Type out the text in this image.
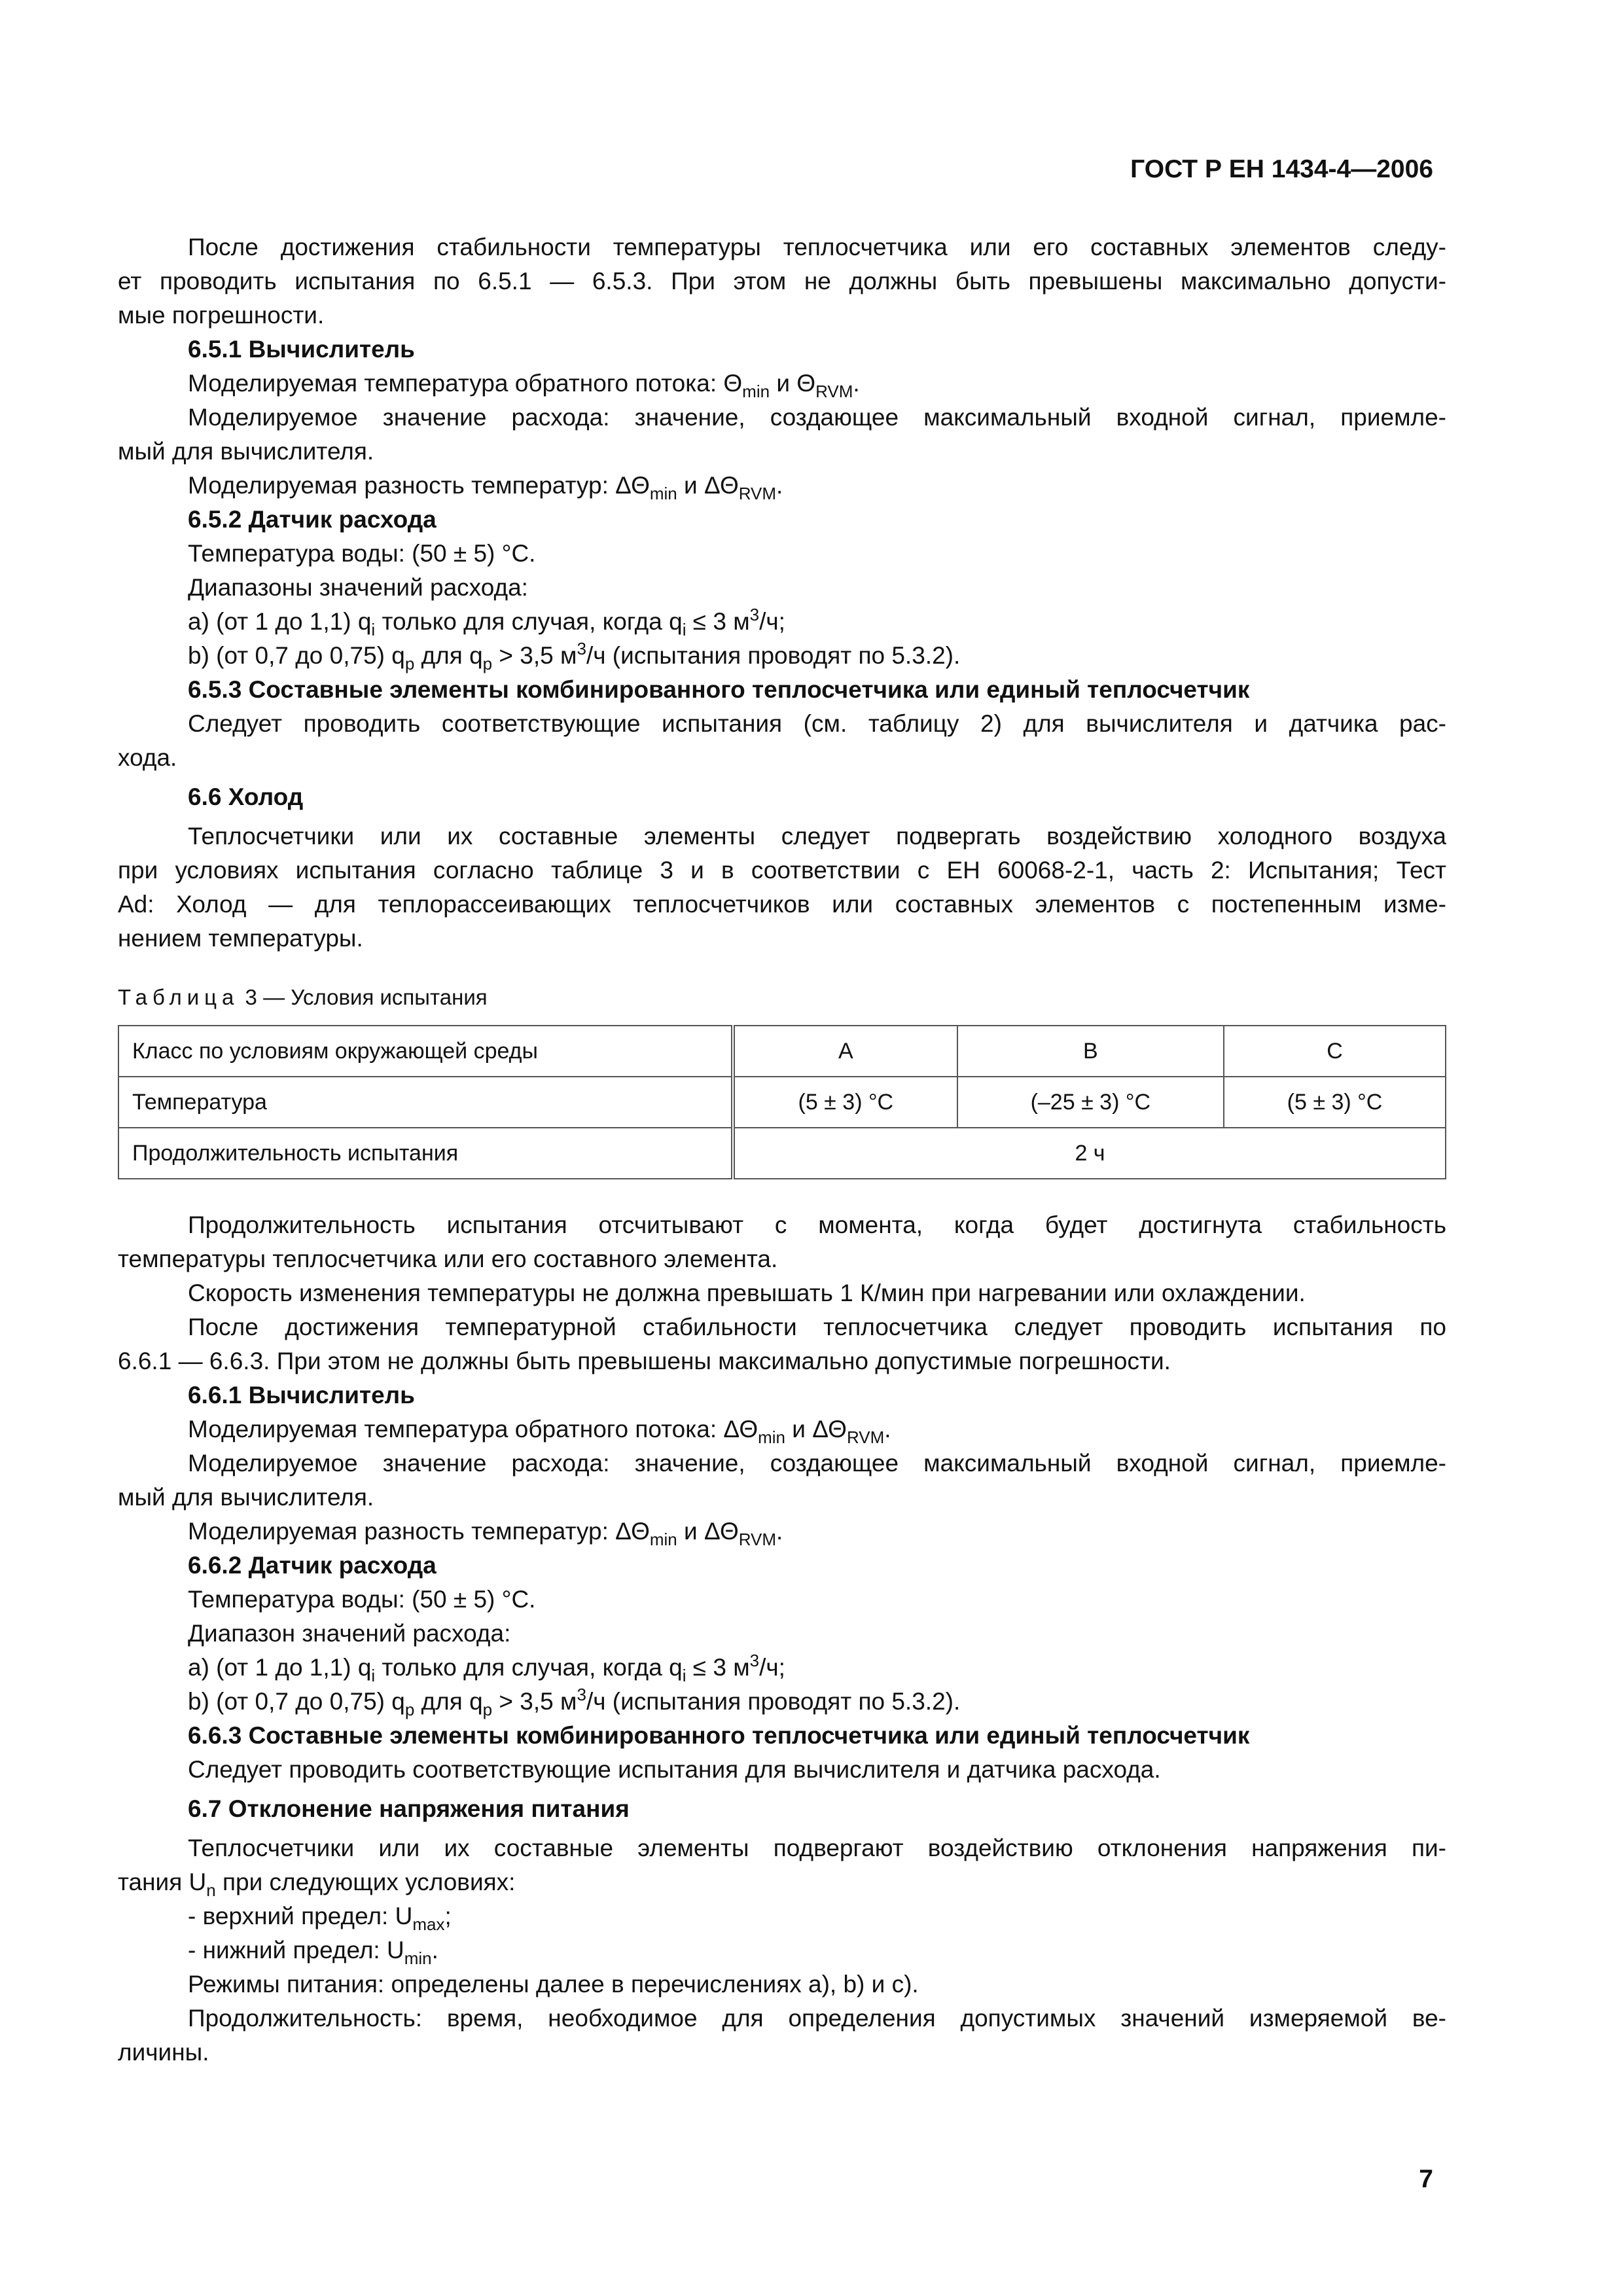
ГОСТ Р ЕН 1434-4—2006

После достижения стабильности температуры теплосчетчика или его составных элементов следу-

ет проводить испытания по 6.5.1 — 6.5.3. При этом не должны быть превышены максимально допусти-

мые погрешности.

6.5.1 Вычислитель

Моделируемая температура обратного потока: $\Theta_{min}$ и $\Theta_{RVM}$.

Моделируемое значение расхода: значение, создающее максимальный входной сигнал, приемле-

мый для вычислителя.

Моделируемая разность температур: $\Delta\Theta_{min}$ и $\Delta\Theta_{RVM}$.

6.5.2 Датчик расхода

Температура воды: (50 ± 5) °С.

Диапазоны значений расхода:

a) (от 1 до 1,1) $q_i$ только для случая, когда $q_i \le 3$ $м^3/ч$;

b) (от 0,7 до 0,75) $q_p$ для $q_p > 3,5$ $м^3/ч$ (испытания проводят по 5.3.2).

6.5.3 Составные элементы комбинированного теплосчетчика или единый теплосчетчик

Следует проводить соответствующие испытания (см. таблицу 2) для вычислителя и датчика рас-

хода.

6.6 Холод

Теплосчетчики или их составные элементы следует подвергать воздействию холодного воздуха

при условиях испытания согласно таблице 3 и в соответствии с ЕН 60068-2-1, часть 2: Испытания; Тест

Ad: Холод — для теплорассеивающих теплосчетчиков или составных элементов с постепенным изме-

нением температуры.

Таблица 3 — Условия испытания
Класс по условиям окружающей среды	A	B	C
Температура	(5 ± 3) °С	(–25 ± 3) °С	(5 ± 3) °С
Продолжительность испытания	2 ч		

Продолжительность испытания отсчитывают с момента, когда будет достигнута стабильность

температуры теплосчетчика или его составного элемента.

Скорость изменения температуры не должна превышать 1 К/мин при нагревании или охлаждении.

После достижения температурной стабильности теплосчетчика следует проводить испытания по

6.6.1 — 6.6.3. При этом не должны быть превышены максимально допустимые погрешности.

6.6.1 Вычислитель

Моделируемая температура обратного потока: $\Delta\Theta_{min}$ и $\Delta\Theta_{RVM}$.

Моделируемое значение расхода: значение, создающее максимальный входной сигнал, приемле-

мый для вычислителя.

Моделируемая разность температур: $\Delta\Theta_{min}$ и $\Delta\Theta_{RVM}$.

6.6.2 Датчик расхода

Температура воды: (50 ± 5) °С.

Диапазон значений расхода:

a) (от 1 до 1,1) $q_i$ только для случая, когда $q_i \le 3$ $м^3/ч$;

b) (от 0,7 до 0,75) $q_p$ для $q_p > 3,5$ $м^3/ч$ (испытания проводят по 5.3.2).

6.6.3 Составные элементы комбинированного теплосчетчика или единый теплосчетчик

Следует проводить соответствующие испытания для вычислителя и датчика расхода.

6.7 Отклонение напряжения питания

Теплосчетчики или их составные элементы подвергают воздействию отклонения напряжения пи-

тания $U_n$ при следующих условиях:

- верхний предел: $U_{max}$;

- нижний предел: $U_{min}$.

Режимы питания: определены далее в перечислениях a), b) и c).

Продолжительность: время, необходимое для определения допустимых значений измеряемой ве-

личины.

7
